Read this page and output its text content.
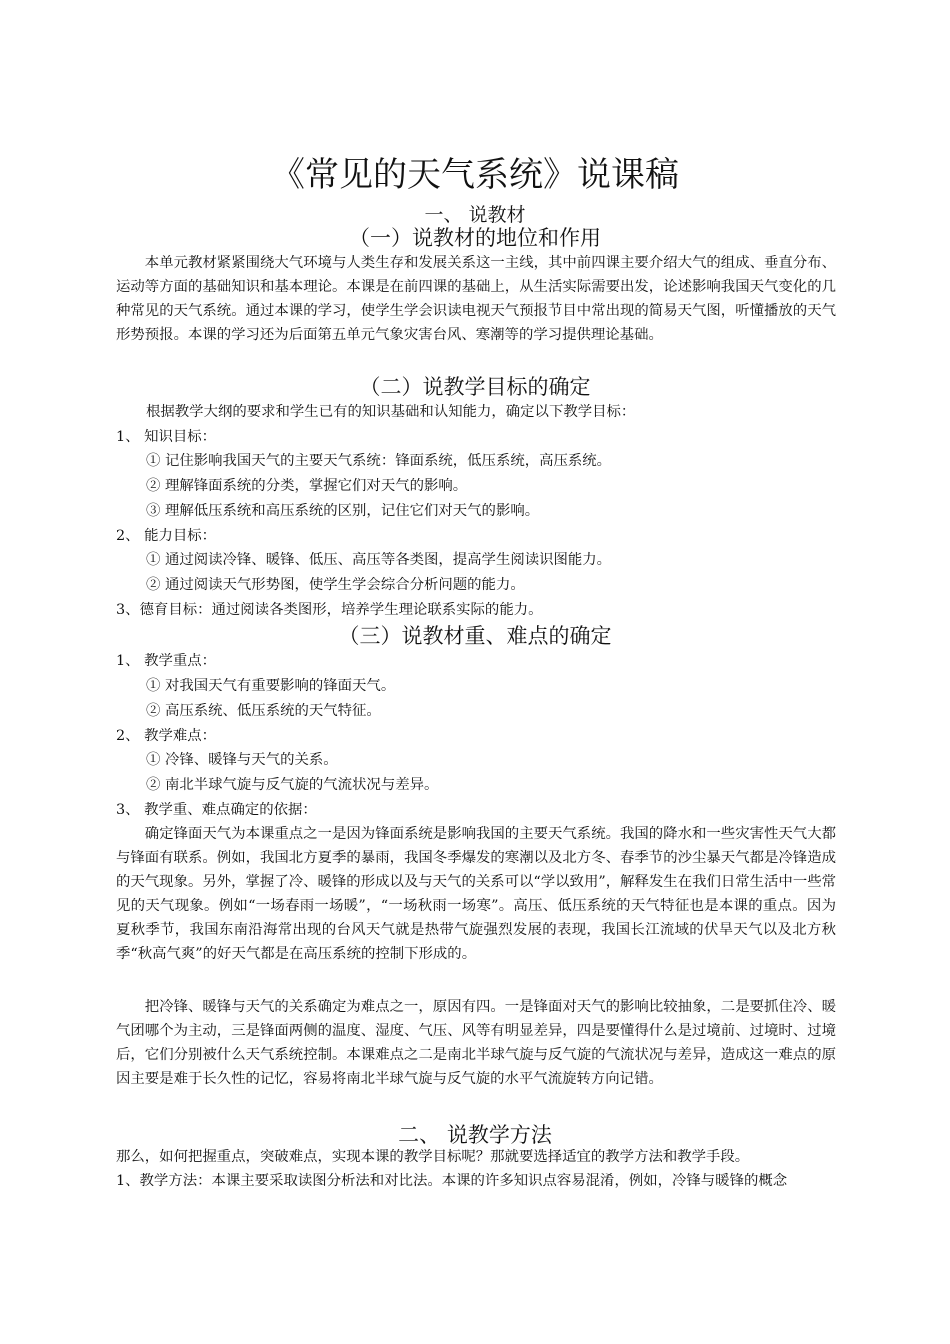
《常见的天气系统》说课稿
一、 说教材
（一）说教材的地位和作用

本单元教材紧紧围绕大气环境与人类生存和发展关系这一主线，其中前四课主要介绍大气的组成、垂直分布、运动等方面的基础知识和基本理论。本课是在前四课的基础上，从生活实际需要出发，论述影响我国天气变化的几种常见的天气系统。通过本课的学习，使学生学会识读电视天气预报节目中常出现的简易天气图，听懂播放的天气形势预报。本课的学习还为后面第五单元气象灾害台风、寒潮等的学习提供理论基础。

（二）说教学目标的确定
根据教学大纲的要求和学生已有的知识基础和认知能力，确定以下教学目标：
1、 知识目标：
① 记住影响我国天气的主要天气系统：锋面系统，低压系统，高压系统。
② 理解锋面系统的分类，掌握它们对天气的影响。
③ 理解低压系统和高压系统的区别，记住它们对天气的影响。
2、 能力目标：
① 通过阅读冷锋、暖锋、低压、高压等各类图，提高学生阅读识图能力。
② 通过阅读天气形势图，使学生学会综合分析问题的能力。
3、德育目标：通过阅读各类图形，培养学生理论联系实际的能力。
（三）说教材重、难点的确定
1、 教学重点：
① 对我国天气有重要影响的锋面天气。
② 高压系统、低压系统的天气特征。
2、 教学难点：
① 冷锋、暖锋与天气的关系。
② 南北半球气旋与反气旋的气流状况与差异。
3、 教学重、难点确定的依据：

确定锋面天气为本课重点之一是因为锋面系统是影响我国的主要天气系统。我国的降水和一些灾害性天气大都与锋面有联系。例如，我国北方夏季的暴雨，我国冬季爆发的寒潮以及北方冬、春季节的沙尘暴天气都是冷锋造成的天气现象。另外，掌握了冷、暖锋的形成以及与天气的关系可以“学以致用”，解释发生在我们日常生活中一些常见的天气现象。例如“一场春雨一场暖”，“一场秋雨一场寒”。高压、低压系统的天气特征也是本课的重点。因为夏秋季节，我国东南沿海常出现的台风天气就是热带气旋强烈发展的表现，我国长江流域的伏旱天气以及北方秋季“秋高气爽”的好天气都是在高压系统的控制下形成的。

把冷锋、暖锋与天气的关系确定为难点之一，原因有四。一是锋面对天气的影响比较抽象，二是要抓住冷、暖气团哪个为主动，三是锋面两侧的温度、湿度、气压、风等有明显差异，四是要懂得什么是过境前、过境时、过境后，它们分别被什么天气系统控制。本课难点之二是南北半球气旋与反气旋的气流状况与差异，造成这一难点的原因主要是难于长久性的记忆，容易将南北半球气旋与反气旋的水平气流旋转方向记错。

二、 说教学方法
那么，如何把握重点，突破难点，实现本课的教学目标呢？那就要选择适宜的教学方法和教学手段。
1、教学方法：本课主要采取读图分析法和对比法。本课的许多知识点容易混淆，例如，冷锋与暖锋的概念
